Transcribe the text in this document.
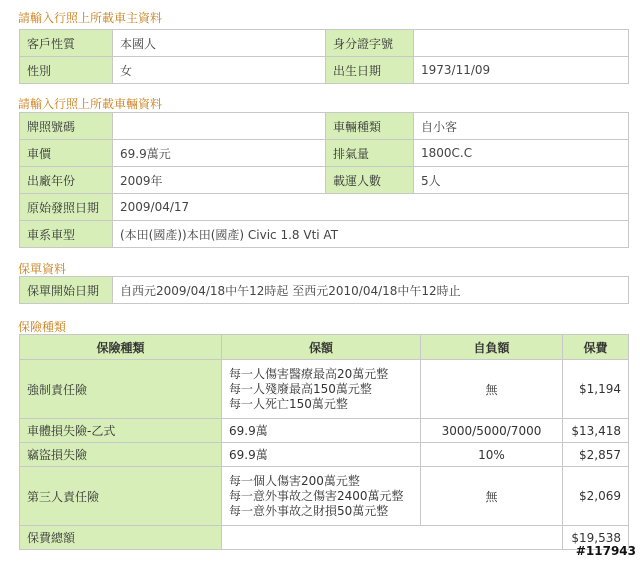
請輸入行照上所載車主資料
客戶性質	本國人	身分證字號	
性別	女	出生日期	1973/11/09
請輸入行照上所載車輛資料
牌照號碼		車輛種類	自小客
車價	69.9萬元	排氣量	1800C.C
出廠年份	2009年	載運人數	5人
原始發照日期	2009/04/17		
車系車型	(本田(國產))本田(國產) Civic 1.8 Vti AT		
保單資料
保單開始日期	自西元2009/04/18中午12時起 至西元2010/04/18中午12時止
保險種類
保險種類	保額	自負額	保費
強制責任險	每一人傷害醫療最高20萬元整
每一人殘廢最高150萬元整
每一人死亡150萬元整	無	$1,194
車體損失險-乙式	69.9萬	3000/5000/7000	$13,418
竊盜損失險	69.9萬	10%	$2,857
第三人責任險	每一個人傷害200萬元整
每一意外事故之傷害2400萬元整
每一意外事故之財損50萬元整	無	$2,069
保費總額			$19,538
#117943
